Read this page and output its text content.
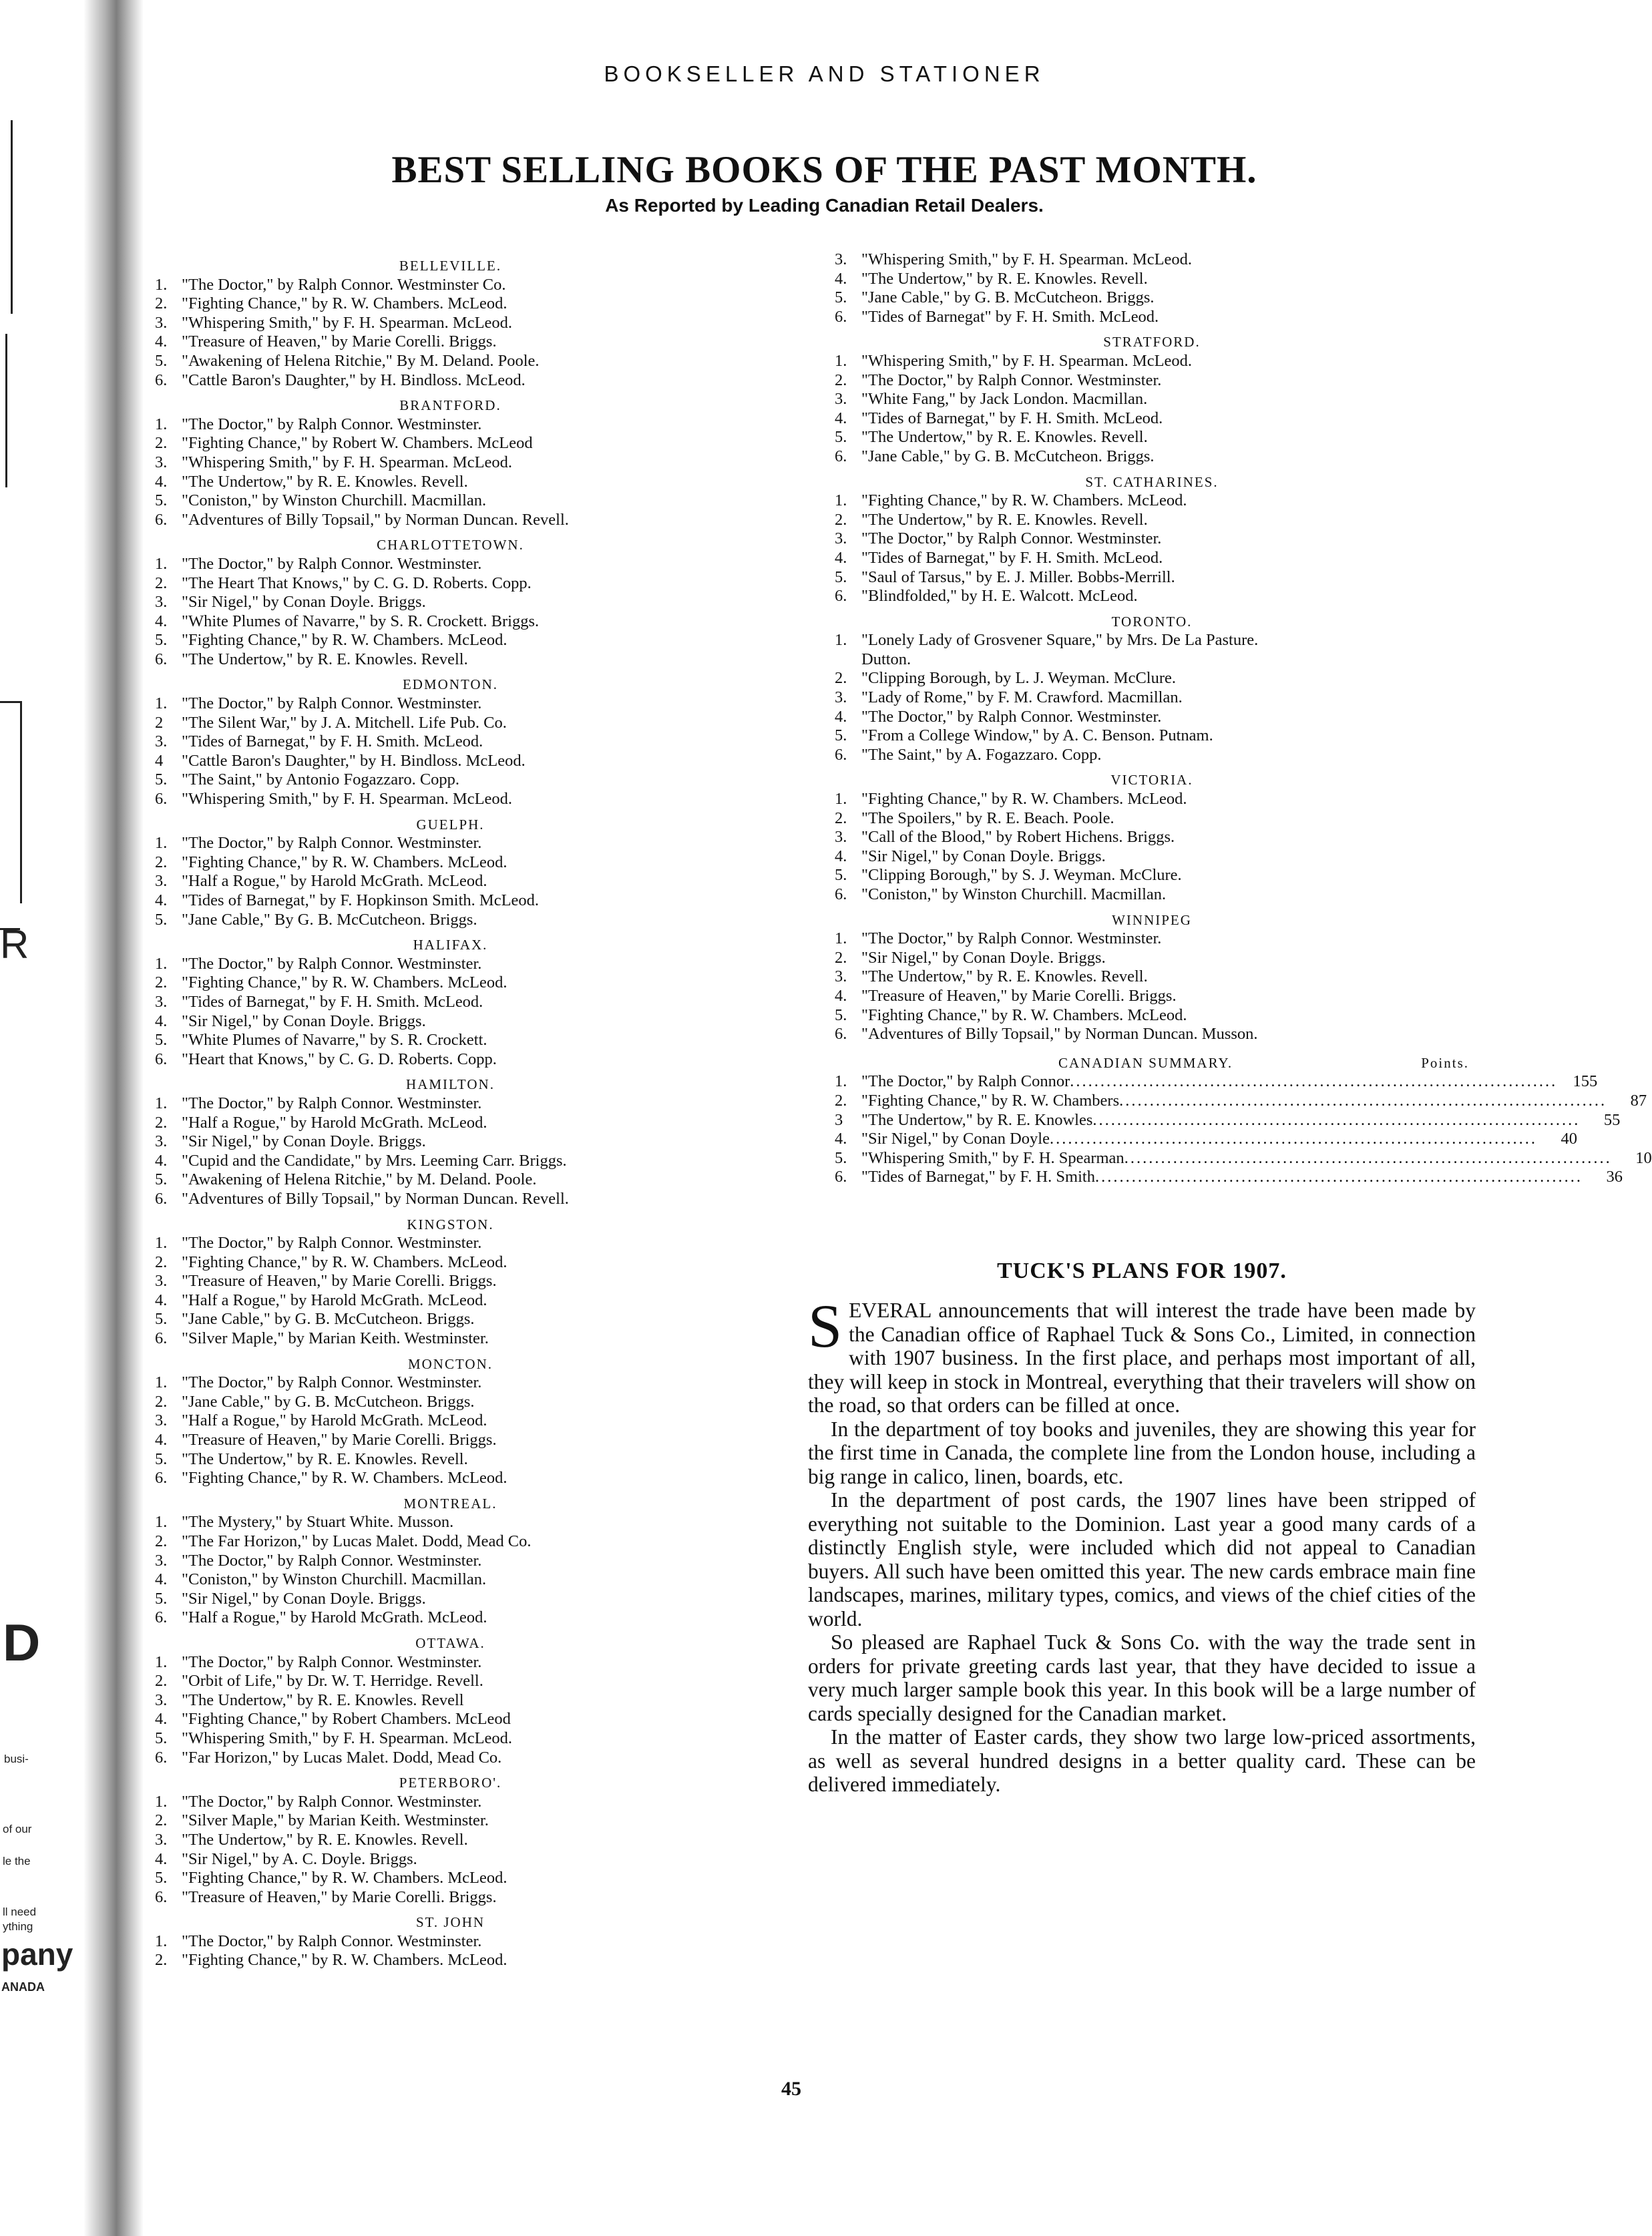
R
D
busi-
of our
le the
ll need
ything
pany
ANADA
BOOKSELLER AND STATIONER
BEST SELLING BOOKS OF THE PAST MONTH.
As Reported by Leading Canadian Retail Dealers.
BELLEVILLE.
1. "The Doctor," by Ralph Connor. Westminster Co.
2. "Fighting Chance," by R. W. Chambers. McLeod.
3. "Whispering Smith," by F. H. Spearman. McLeod.
4. "Treasure of Heaven," by Marie Corelli. Briggs.
5. "Awakening of Helena Ritchie," By M. Deland. Poole.
6. "Cattle Baron's Daughter," by H. Bindloss. McLeod.
BRANTFORD.
1. "The Doctor," by Ralph Connor. Westminster.
2. "Fighting Chance," by Robert W. Chambers. McLeod
3. "Whispering Smith," by F. H. Spearman. McLeod.
4. "The Undertow," by R. E. Knowles. Revell.
5. "Coniston," by Winston Churchill. Macmillan.
6. "Adventures of Billy Topsail," by Norman Duncan. Revell.
CHARLOTTETOWN.
1. "The Doctor," by Ralph Connor. Westminster.
2. "The Heart That Knows," by C. G. D. Roberts. Copp.
3. "Sir Nigel," by Conan Doyle. Briggs.
4. "White Plumes of Navarre," by S. R. Crockett. Briggs.
5. "Fighting Chance," by R. W. Chambers. McLeod.
6. "The Undertow," by R. E. Knowles. Revell.
EDMONTON.
1. "The Doctor," by Ralph Connor. Westminster.
2	"The Silent War," by J. A. Mitchell. Life Pub. Co.
3. "Tides of Barnegat," by F. H. Smith. McLeod.
4	"Cattle Baron's Daughter," by H. Bindloss. McLeod.
5. "The Saint," by Antonio Fogazzaro. Copp.
6. "Whispering Smith," by F. H. Spearman. McLeod.
GUELPH.
1. "The Doctor," by Ralph Connor. Westminster.
2. "Fighting Chance," by R. W. Chambers. McLeod.
3. "Half a Rogue," by Harold McGrath. McLeod.
4. "Tides of Barnegat," by F. Hopkinson Smith. McLeod.
5. "Jane Cable," By G. B. McCutcheon. Briggs.
HALIFAX.
1. "The Doctor," by Ralph Connor. Westminster.
2. "Fighting Chance," by R. W. Chambers. McLeod.
3. "Tides of Barnegat," by F. H. Smith. McLeod.
4. "Sir Nigel," by Conan Doyle. Briggs.
5. "White Plumes of Navarre," by S. R. Crockett.
6. "Heart that Knows," by C. G. D. Roberts. Copp.
HAMILTON.
1. "The Doctor," by Ralph Connor. Westminster.
2. "Half a Rogue," by Harold McGrath. McLeod.
3. "Sir Nigel," by Conan Doyle. Briggs.
4. "Cupid and the Candidate," by Mrs. Leeming Carr. Briggs.
5. "Awakening of Helena Ritchie," by M. Deland. Poole.
6. "Adventures of Billy Topsail," by Norman Duncan. Revell.
KINGSTON.
1. "The Doctor," by Ralph Connor. Westminster.
2. "Fighting Chance," by R. W. Chambers. McLeod.
3. "Treasure of Heaven," by Marie Corelli. Briggs.
4. "Half a Rogue," by Harold McGrath. McLeod.
5. "Jane Cable," by G. B. McCutcheon. Briggs.
6. "Silver Maple," by Marian Keith. Westminster.
MONCTON.
1. "The Doctor," by Ralph Connor. Westminster.
2. "Jane Cable," by G. B. McCutcheon. Briggs.
3. "Half a Rogue," by Harold McGrath. McLeod.
4. "Treasure of Heaven," by Marie Corelli. Briggs.
5. "The Undertow," by R. E. Knowles. Revell.
6. "Fighting Chance," by R. W. Chambers. McLeod.
MONTREAL.
1. "The Mystery," by Stuart White. Musson.
2. "The Far Horizon," by Lucas Malet. Dodd, Mead Co.
3. "The Doctor," by Ralph Connor. Westminster.
4. "Coniston," by Winston Churchill. Macmillan.
5. "Sir Nigel," by Conan Doyle. Briggs.
6. "Half a Rogue," by Harold McGrath. McLeod.
OTTAWA.
1. "The Doctor," by Ralph Connor. Westminster.
2. "Orbit of Life," by Dr. W. T. Herridge. Revell.
3. "The Undertow," by R. E. Knowles. Revell
4. "Fighting Chance," by Robert Chambers. McLeod
5. "Whispering Smith," by F. H. Spearman. McLeod.
6. "Far Horizon," by Lucas Malet. Dodd, Mead Co.
PETERBORO'.
1. "The Doctor," by Ralph Connor. Westminster.
2. "Silver Maple," by Marian Keith. Westminster.
3. "The Undertow," by R. E. Knowles. Revell.
4. "Sir Nigel," by A. C. Doyle. Briggs.
5. "Fighting Chance," by R. W. Chambers. McLeod.
6. "Treasure of Heaven," by Marie Corelli. Briggs.
ST. JOHN
1. "The Doctor," by Ralph Connor. Westminster.
2. "Fighting Chance," by R. W. Chambers. McLeod.
3. "Whispering Smith," by F. H. Spearman. McLeod.
4. "The Undertow," by R. E. Knowles. Revell.
5. "Jane Cable," by G. B. McCutcheon. Briggs.
6. "Tides of Barnegat" by F. H. Smith. McLeod.
STRATFORD.
1. "Whispering Smith," by F. H. Spearman. McLeod.
2. "The Doctor," by Ralph Connor. Westminster.
3. "White Fang," by Jack London. Macmillan.
4. "Tides of Barnegat," by F. H. Smith. McLeod.
5. "The Undertow," by R. E. Knowles. Revell.
6. "Jane Cable," by G. B. McCutcheon. Briggs.
ST. CATHARINES.
1. "Fighting Chance," by R. W. Chambers. McLeod.
2. "The Undertow," by R. E. Knowles. Revell.
3. "The Doctor," by Ralph Connor. Westminster.
4. "Tides of Barnegat," by F. H. Smith. McLeod.
5. "Saul of Tarsus," by E. J. Miller. Bobbs-Merrill.
6. "Blindfolded," by H. E. Walcott. McLeod.
TORONTO.
1. "Lonely Lady of Grosvener Square," by Mrs. De La Pasture.
Dutton.
2. "Clipping Borough, by L. J. Weyman. McClure.
3. "Lady of Rome," by F. M. Crawford. Macmillan.
4. "The Doctor," by Ralph Connor. Westminster.
5. "From a College Window," by A. C. Benson. Putnam.
6. "The Saint," by A. Fogazzaro. Copp.
VICTORIA.
1. "Fighting Chance," by R. W. Chambers. McLeod.
2. "The Spoilers," by R. E. Beach. Poole.
3. "Call of the Blood," by Robert Hichens. Briggs.
4. "Sir Nigel," by Conan Doyle. Briggs.
5. "Clipping Borough," by S. J. Weyman. McClure.
6. "Coniston," by Winston Churchill. Macmillan.
WINNIPEG
1. "The Doctor," by Ralph Connor. Westminster.
2. "Sir Nigel," by Conan Doyle. Briggs.
3. "The Undertow," by R. E. Knowles. Revell.
4. "Treasure of Heaven," by Marie Corelli. Briggs.
5. "Fighting Chance," by R. W. Chambers. McLeod.
6. "Adventures of Billy Topsail," by Norman Duncan. Musson.
CANADIAN SUMMARY.	Points.
1. "The Doctor," by Ralph Connor ................................................................................ 155
2. "Fighting Chance," by R. W. Chambers ................................................................................	87
3	"The Undertow," by R. E. Knowles ................................................................................	55
4. "Sir Nigel," by Conan Doyle ................................................................................	40
5. "Whispering Smith," by F. H. Spearman ................................................................................	10
6. "Tides of Barnegat," by F. H. Smith ................................................................................	36
TUCK'S PLANS FOR 1907.

SEVERAL announcements that will interest the trade have been made by the Canadian office of Raphael Tuck & Sons Co., Limited, in connection with 1907 business. In the first place, and perhaps most important of all, they will keep in stock in Montreal, everything that their travelers will show on the road, so that orders can be filled at once.

In the department of toy books and juveniles, they are showing this year for the first time in Canada, the complete line from the London house, including a big range in calico, linen, boards, etc.

In the department of post cards, the 1907 lines have been stripped of everything not suitable to the Dominion. Last year a good many cards of a distinctly English style, were included which did not appeal to Canadian buyers. All such have been omitted this year. The new cards embrace main fine landscapes, marines, military types, comics, and views of the chief cities of the world.

So pleased are Raphael Tuck & Sons Co. with the way the trade sent in orders for private greeting cards last year, that they have decided to issue a very much larger sample book this year. In this book will be a large number of cards specially designed for the Canadian market.

In the matter of Easter cards, they show two large low-priced assortments, as well as several hundred designs in a better quality card. These can be delivered immediately.

45
